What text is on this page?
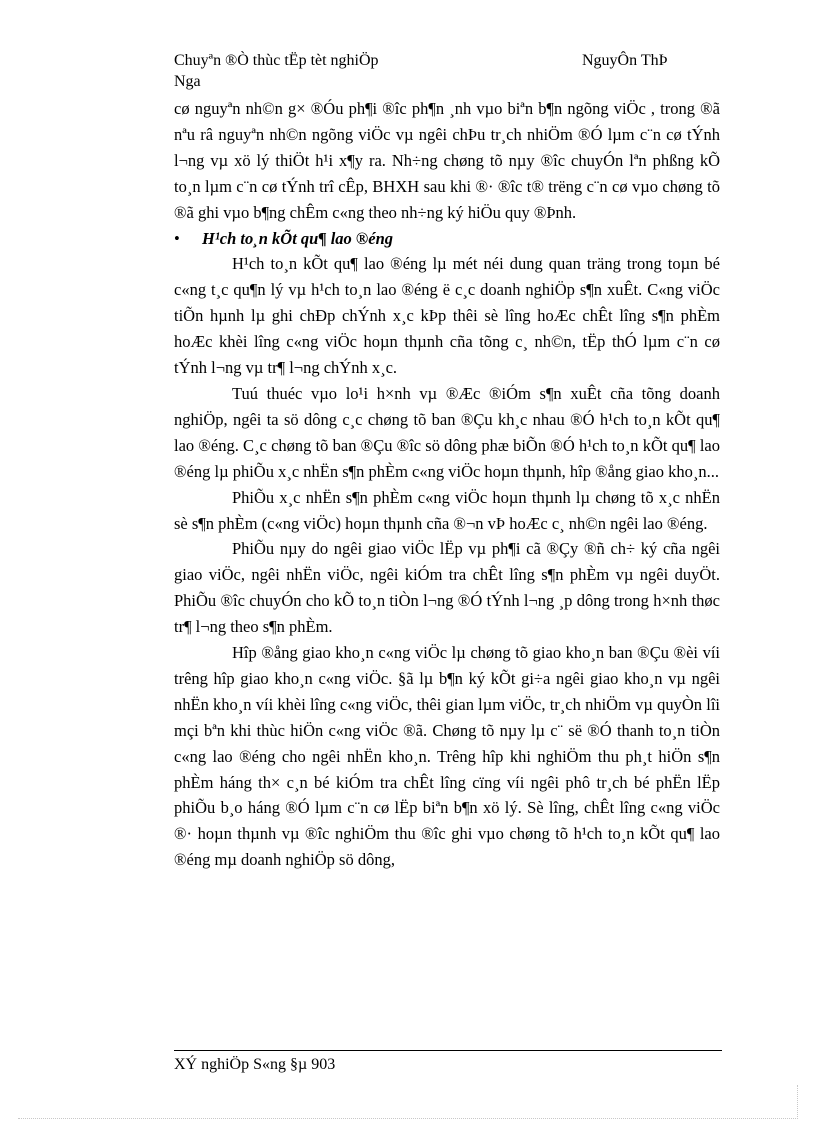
Chuyªn ®Ò thùc tËp tèt nghiÖp	NguyÔn ThÞ
Nga

cø nguyªn nh©n g× ®Óu ph¶i ®îc ph¶n ¸nh vµo biªn b¶n ngõng viÖc , trong ®ã nªu râ nguyªn nh©n ngõng viÖc vµ ngêi chÞu tr¸ch nhiÖm ®Ó lµm c¨n cø tÝnh l¬ng vµ xö lý thiÖt h¹i x¶y ra. Nh÷ng chøng tõ nµy ®îc chuyÓn lªn phßng kÕ to¸n lµm c¨n cø tÝnh trî cÊp, BHXH sau khi ®· ®îc t® trëng c¨n cø vµo chøng tõ ®ã ghi vµo b¶ng chÊm c«ng theo nh÷ng ký hiÖu quy ®Þnh.

•	H¹ch to¸n kÕt qu¶ lao ®éng

H¹ch to¸n kÕt qu¶ lao ®éng lµ mét néi dung quan träng trong toµn bé c«ng t¸c qu¶n lý vµ h¹ch to¸n lao ®éng ë c¸c doanh nghiÖp s¶n xuÊt. C«ng viÖc tiÕn hµnh lµ ghi chÐp chÝnh x¸c kÞp thêi sè lîng hoÆc chÊt lîng s¶n phÈm hoÆc khèi lîng c«ng viÖc hoµn thµnh cña tõng c¸ nh©n, tËp thÓ lµm c¨n cø tÝnh l¬ng vµ tr¶ l¬ng chÝnh x¸c.

Tuú thuéc vµo lo¹i h×nh vµ ®Æc ®iÓm s¶n xuÊt cña tõng doanh nghiÖp, ngêi ta sö dông c¸c chøng tõ ban ®Çu kh¸c nhau ®Ó h¹ch to¸n kÕt qu¶ lao ®éng. C¸c chøng tõ ban ®Çu ®îc sö dông phæ biÕn ®Ó h¹ch to¸n kÕt qu¶ lao ®éng lµ phiÕu x¸c nhËn s¶n phÈm c«ng viÖc hoµn thµnh, hîp ®ång giao kho¸n...

PhiÕu x¸c nhËn s¶n phÈm c«ng viÖc hoµn thµnh lµ chøng tõ x¸c nhËn sè s¶n phÈm (c«ng viÖc) hoµn thµnh cña ®¬n vÞ hoÆc c¸ nh©n ngêi lao ®éng.

PhiÕu nµy do ngêi giao viÖc lËp vµ ph¶i cã ®Çy ®ñ ch÷ ký cña ngêi giao viÖc, ngêi nhËn viÖc, ngêi kiÓm tra chÊt lîng s¶n phÈm vµ ngêi duyÖt. PhiÕu ®îc chuyÓn cho kÕ to¸n tiÒn l¬ng ®Ó tÝnh l¬ng ¸p dông trong h×nh thøc tr¶ l¬ng theo s¶n phÈm.

Hîp ®ång giao kho¸n c«ng viÖc lµ chøng tõ giao kho¸n ban ®Çu ®èi víi trêng hîp giao kho¸n c«ng viÖc. §ã lµ b¶n ký kÕt gi÷a ngêi giao kho¸n vµ ngêi nhËn kho¸n víi khèi lîng c«ng viÖc, thêi gian lµm viÖc, tr¸ch nhiÖm vµ quyÒn lîi mçi bªn khi thùc hiÖn c«ng viÖc ®ã. Chøng tõ nµy lµ c¨ së ®Ó thanh to¸n tiÒn c«ng lao ®éng cho ngêi nhËn kho¸n. Trêng hîp khi nghiÖm thu ph¸t hiÖn s¶n phÈm háng th× c¸n bé kiÓm tra chÊt lîng cïng víi ngêi phô tr¸ch bé phËn lËp phiÕu b¸o háng ®Ó lµm c¨n cø lËp biªn b¶n xö lý. Sè lîng, chÊt lîng c«ng viÖc ®· hoµn thµnh vµ ®îc nghiÖm thu ®îc ghi vµo chøng tõ h¹ch to¸n kÕt qu¶ lao ®éng mµ doanh nghiÖp sö dông,

XÝ nghiÖp S«ng §µ 903
